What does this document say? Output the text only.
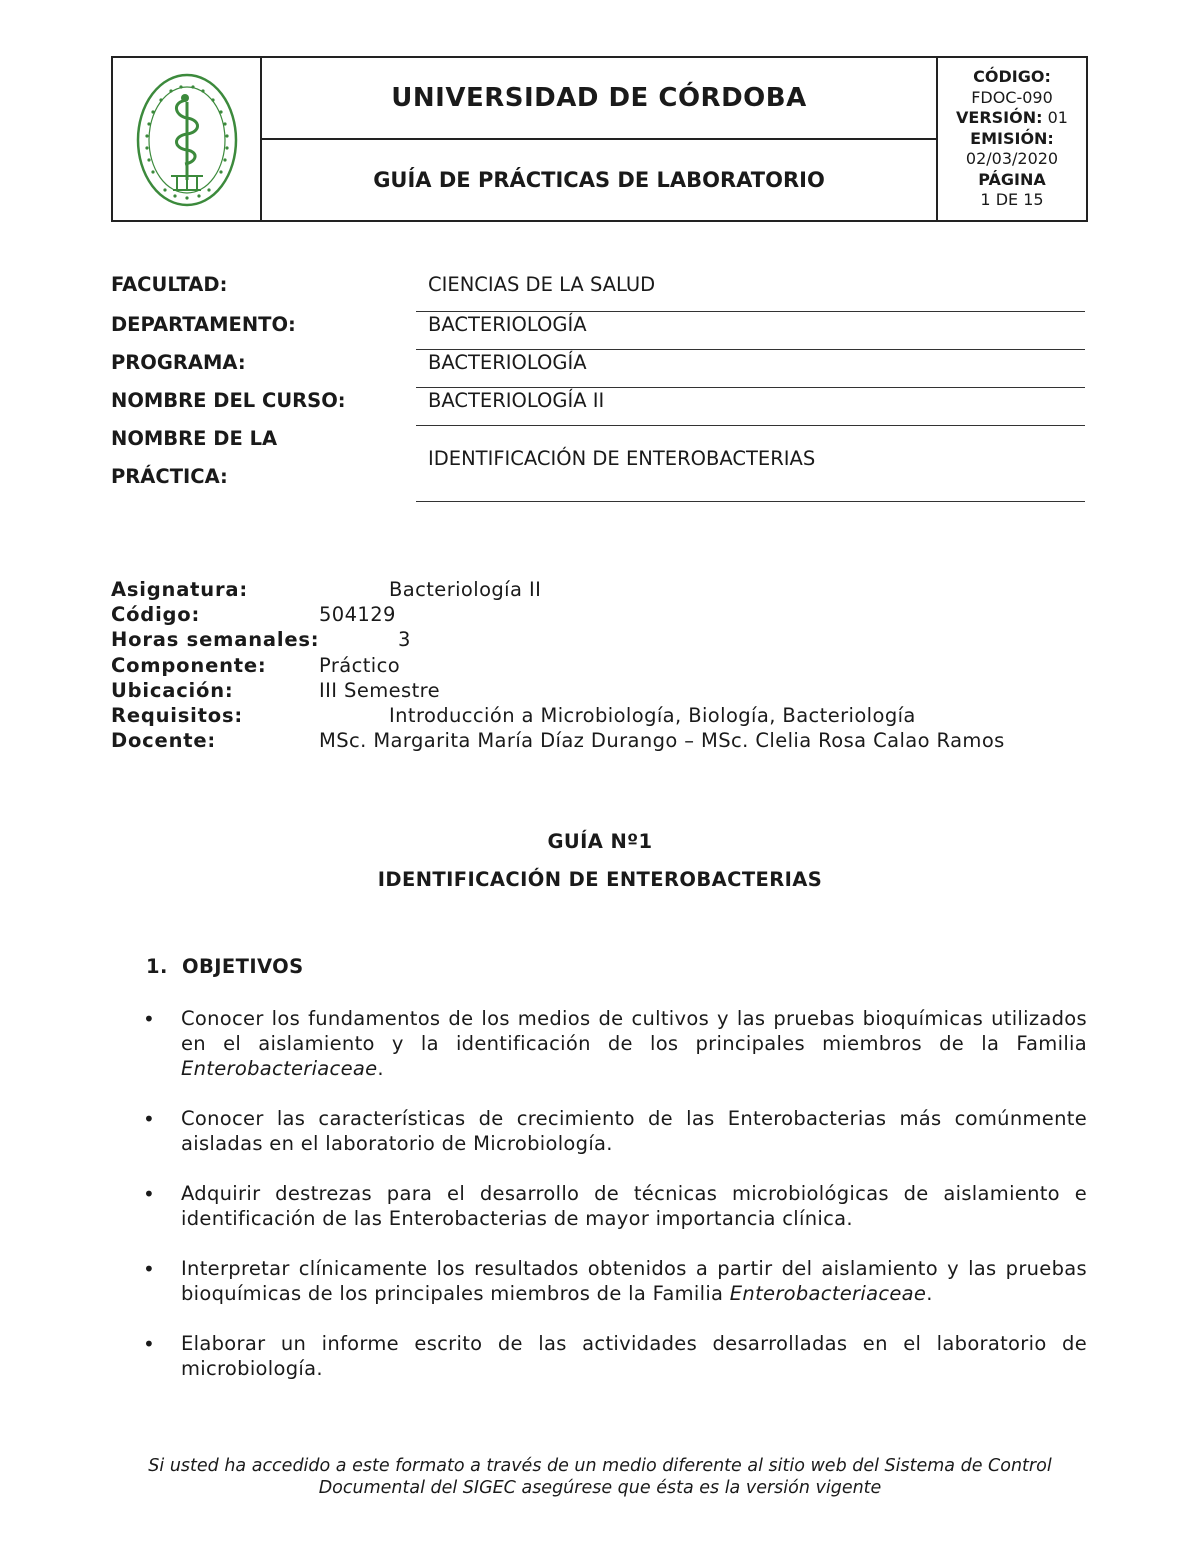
UNIVERSIDAD DE CÓRDOBA
GUÍA DE PRÁCTICAS DE LABORATORIO
CÓDIGO:
FDOC-090
VERSIÓN: 01
EMISIÓN:
02/03/2020
PÁGINA
1 DE 15
FACULTAD:	CIENCIAS DE LA SALUD
DEPARTAMENTO:	BACTERIOLOGÍA
PROGRAMA:	BACTERIOLOGÍA
NOMBRE DEL CURSO:	BACTERIOLOGÍA II
NOMBRE DE LA
PRÁCTICA:
IDENTIFICACIÓN DE ENTEROBACTERIAS
Asignatura:	Bacteriología II
Código:	504129
Horas semanales:	3
Componente:	Práctico
Ubicación:	III Semestre
Requisitos:	Introducción a Microbiología, Biología, Bacteriología
Docente:	MSc. Margarita María Díaz Durango – MSc. Clelia Rosa Calao Ramos
GUÍA Nº1
IDENTIFICACIÓN DE ENTEROBACTERIAS
1. OBJETIVOS
• Conocer los fundamentos de los medios de cultivos y las pruebas bioquímicas utilizados en el aislamiento y la identificación de los principales miembros de la Familia Enterobacteriaceae.
• Conocer las características de crecimiento de las Enterobacterias más comúnmente aisladas en el laboratorio de Microbiología.
• Adquirir destrezas para el desarrollo de técnicas microbiológicas de aislamiento e identificación de las Enterobacterias de mayor importancia clínica.
• Interpretar clínicamente los resultados obtenidos a partir del aislamiento y las pruebas bioquímicas de los principales miembros de la Familia Enterobacteriaceae.
• Elaborar un informe escrito de las actividades desarrolladas en el laboratorio de microbiología.
Si usted ha accedido a este formato a través de un medio diferente al sitio web del Sistema de Control
Documental del SIGEC asegúrese que ésta es la versión vigente
